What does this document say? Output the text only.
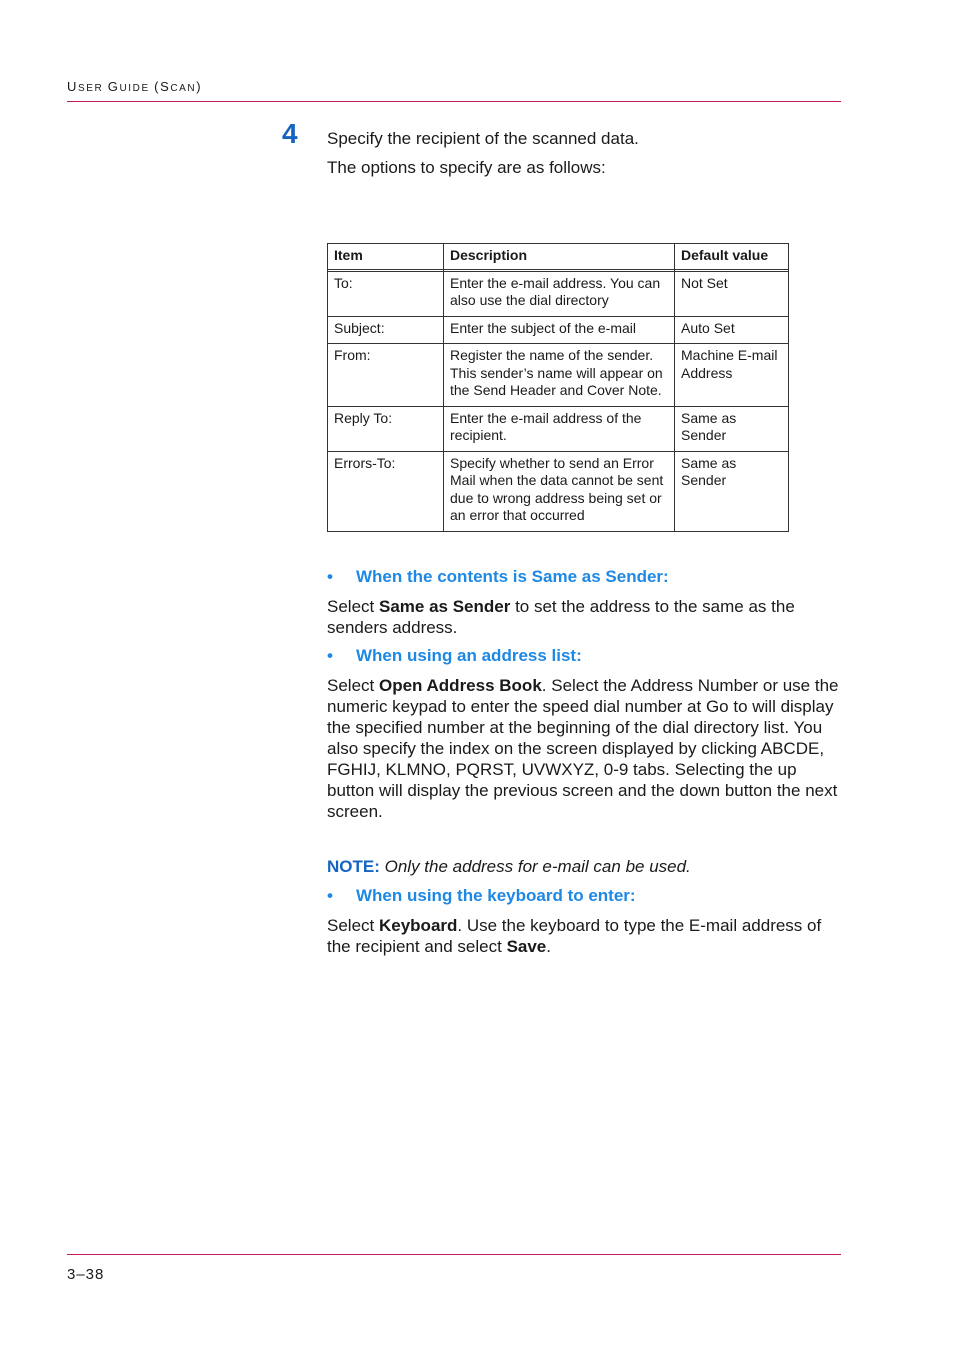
USER GUIDE (SCAN)
4 Specify the recipient of the scanned data.
The options to specify are as follows:
Item	Description	Default value

To:	Enter the e-mail address. You can also use the dial directory	Not Set
Subject:	Enter the subject of the e-mail	Auto Set
From:	Register the name of the sender. This sender’s name will appear on the Send Header and Cover Note.	Machine E-mail Address
Reply To:	Enter the e-mail address of the recipient.	Same as Sender
Errors-To:	Specify whether to send an Error Mail when the data cannot be sent due to wrong address being set or an error that occurred	Same as Sender
• When the contents is Same as Sender:
Select Same as Sender to set the address to the same as the senders address.
• When using an address list:
Select Open Address Book. Select the Address Number or use the numeric keypad to enter the speed dial number at Go to will display the specified number at the beginning of the dial directory list. You also specify the index on the screen displayed by clicking ABCDE, FGHIJ, KLMNO, PQRST, UVWXYZ, 0-9 tabs. Selecting the up button will display the previous screen and the down button the next screen.
NOTE: Only the address for e-mail can be used.
• When using the keyboard to enter:
Select Keyboard. Use the keyboard to type the E-mail address of the recipient and select Save.
3–38
